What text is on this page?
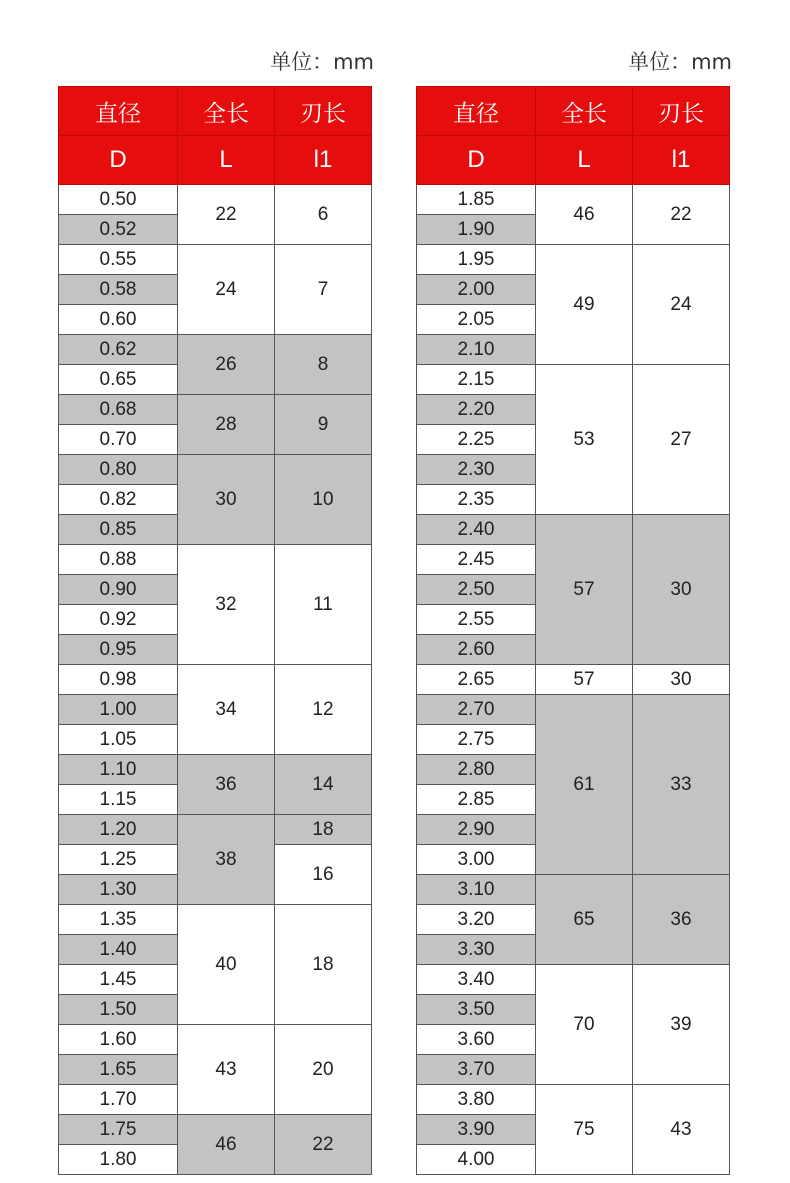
单位：mm	单位：mm
直径	全长	刃长
D	L	l1
0.50	22	6
0.52		
0.55	24	7
0.58		
0.60		
0.62	26	8
0.65		
0.68	28	9
0.70		
0.80	30	10
0.82		
0.85		
0.88	32	11
0.90		
0.92		
0.95		
0.98	34	12
1.00		
1.05		
1.10	36	14
1.15		
1.20	38	18
1.25		16
1.30		
1.35	40	18
1.40		
1.45		
1.50		
1.60	43	20
1.65		
1.70		
1.75	46	22
1.80		
直径	全长	刃长
D	L	l1
1.85	46	22
1.90		
1.95	49	24
2.00		
2.05		
2.10		
2.15	53	27
2.20		
2.25		
2.30		
2.35		
2.40	57	30
2.45		
2.50		
2.55		
2.60		
2.65	57	30
2.70	61	33
2.75		
2.80		
2.85		
2.90		
3.00		
3.10	65	36
3.20		
3.30		
3.40	70	39
3.50		
3.60		
3.70		
3.80	75	43
3.90		
4.00		
